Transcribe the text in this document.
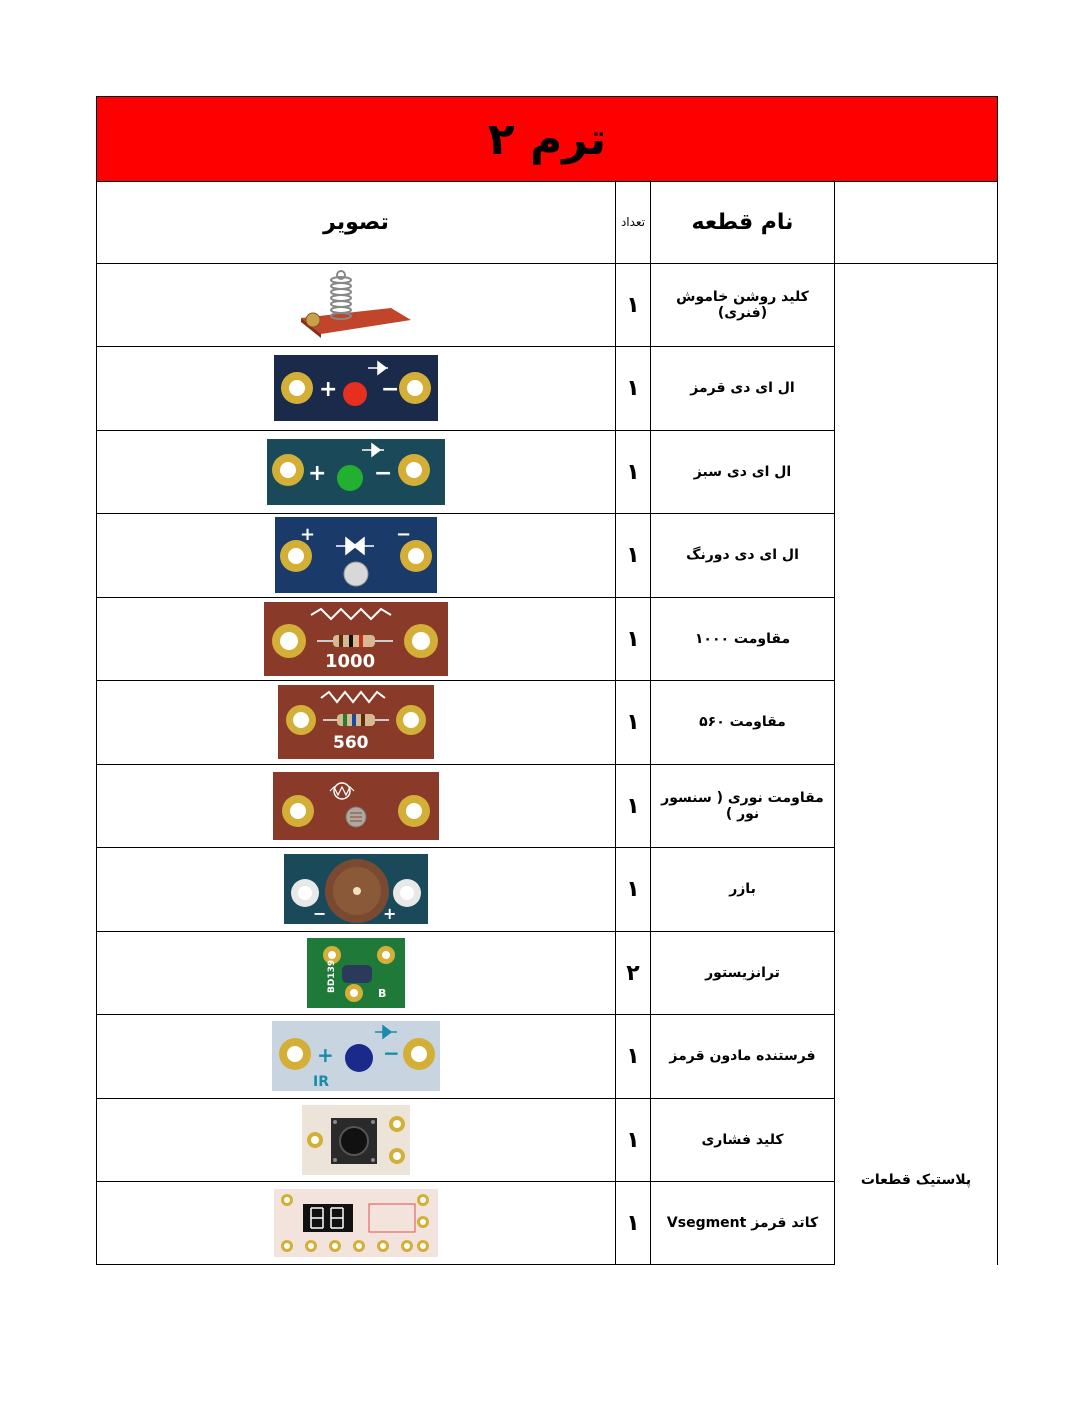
ترم ۲
تصویر	تعداد	نام قطعه
پلاستیک قطعات
۱	کلید روشن خاموش (فنری)
۱	ال ای دی قرمز
۱	ال ای دی سبز
۱	ال ای دی دورنگ
۱	مقاومت ۱۰۰۰
۱	مقاومت ۵۶۰
۱	مقاومت نوری ( سنسور نور )
۱	بازر
۲	ترانزیستور
۱	فرستنده مادون قرمز
۱	کلید فشاری
۱	کاتد قرمز Vsegment
+ −
+ −
+	−
1000
560
−	+
BD139
B
+ −
IR
